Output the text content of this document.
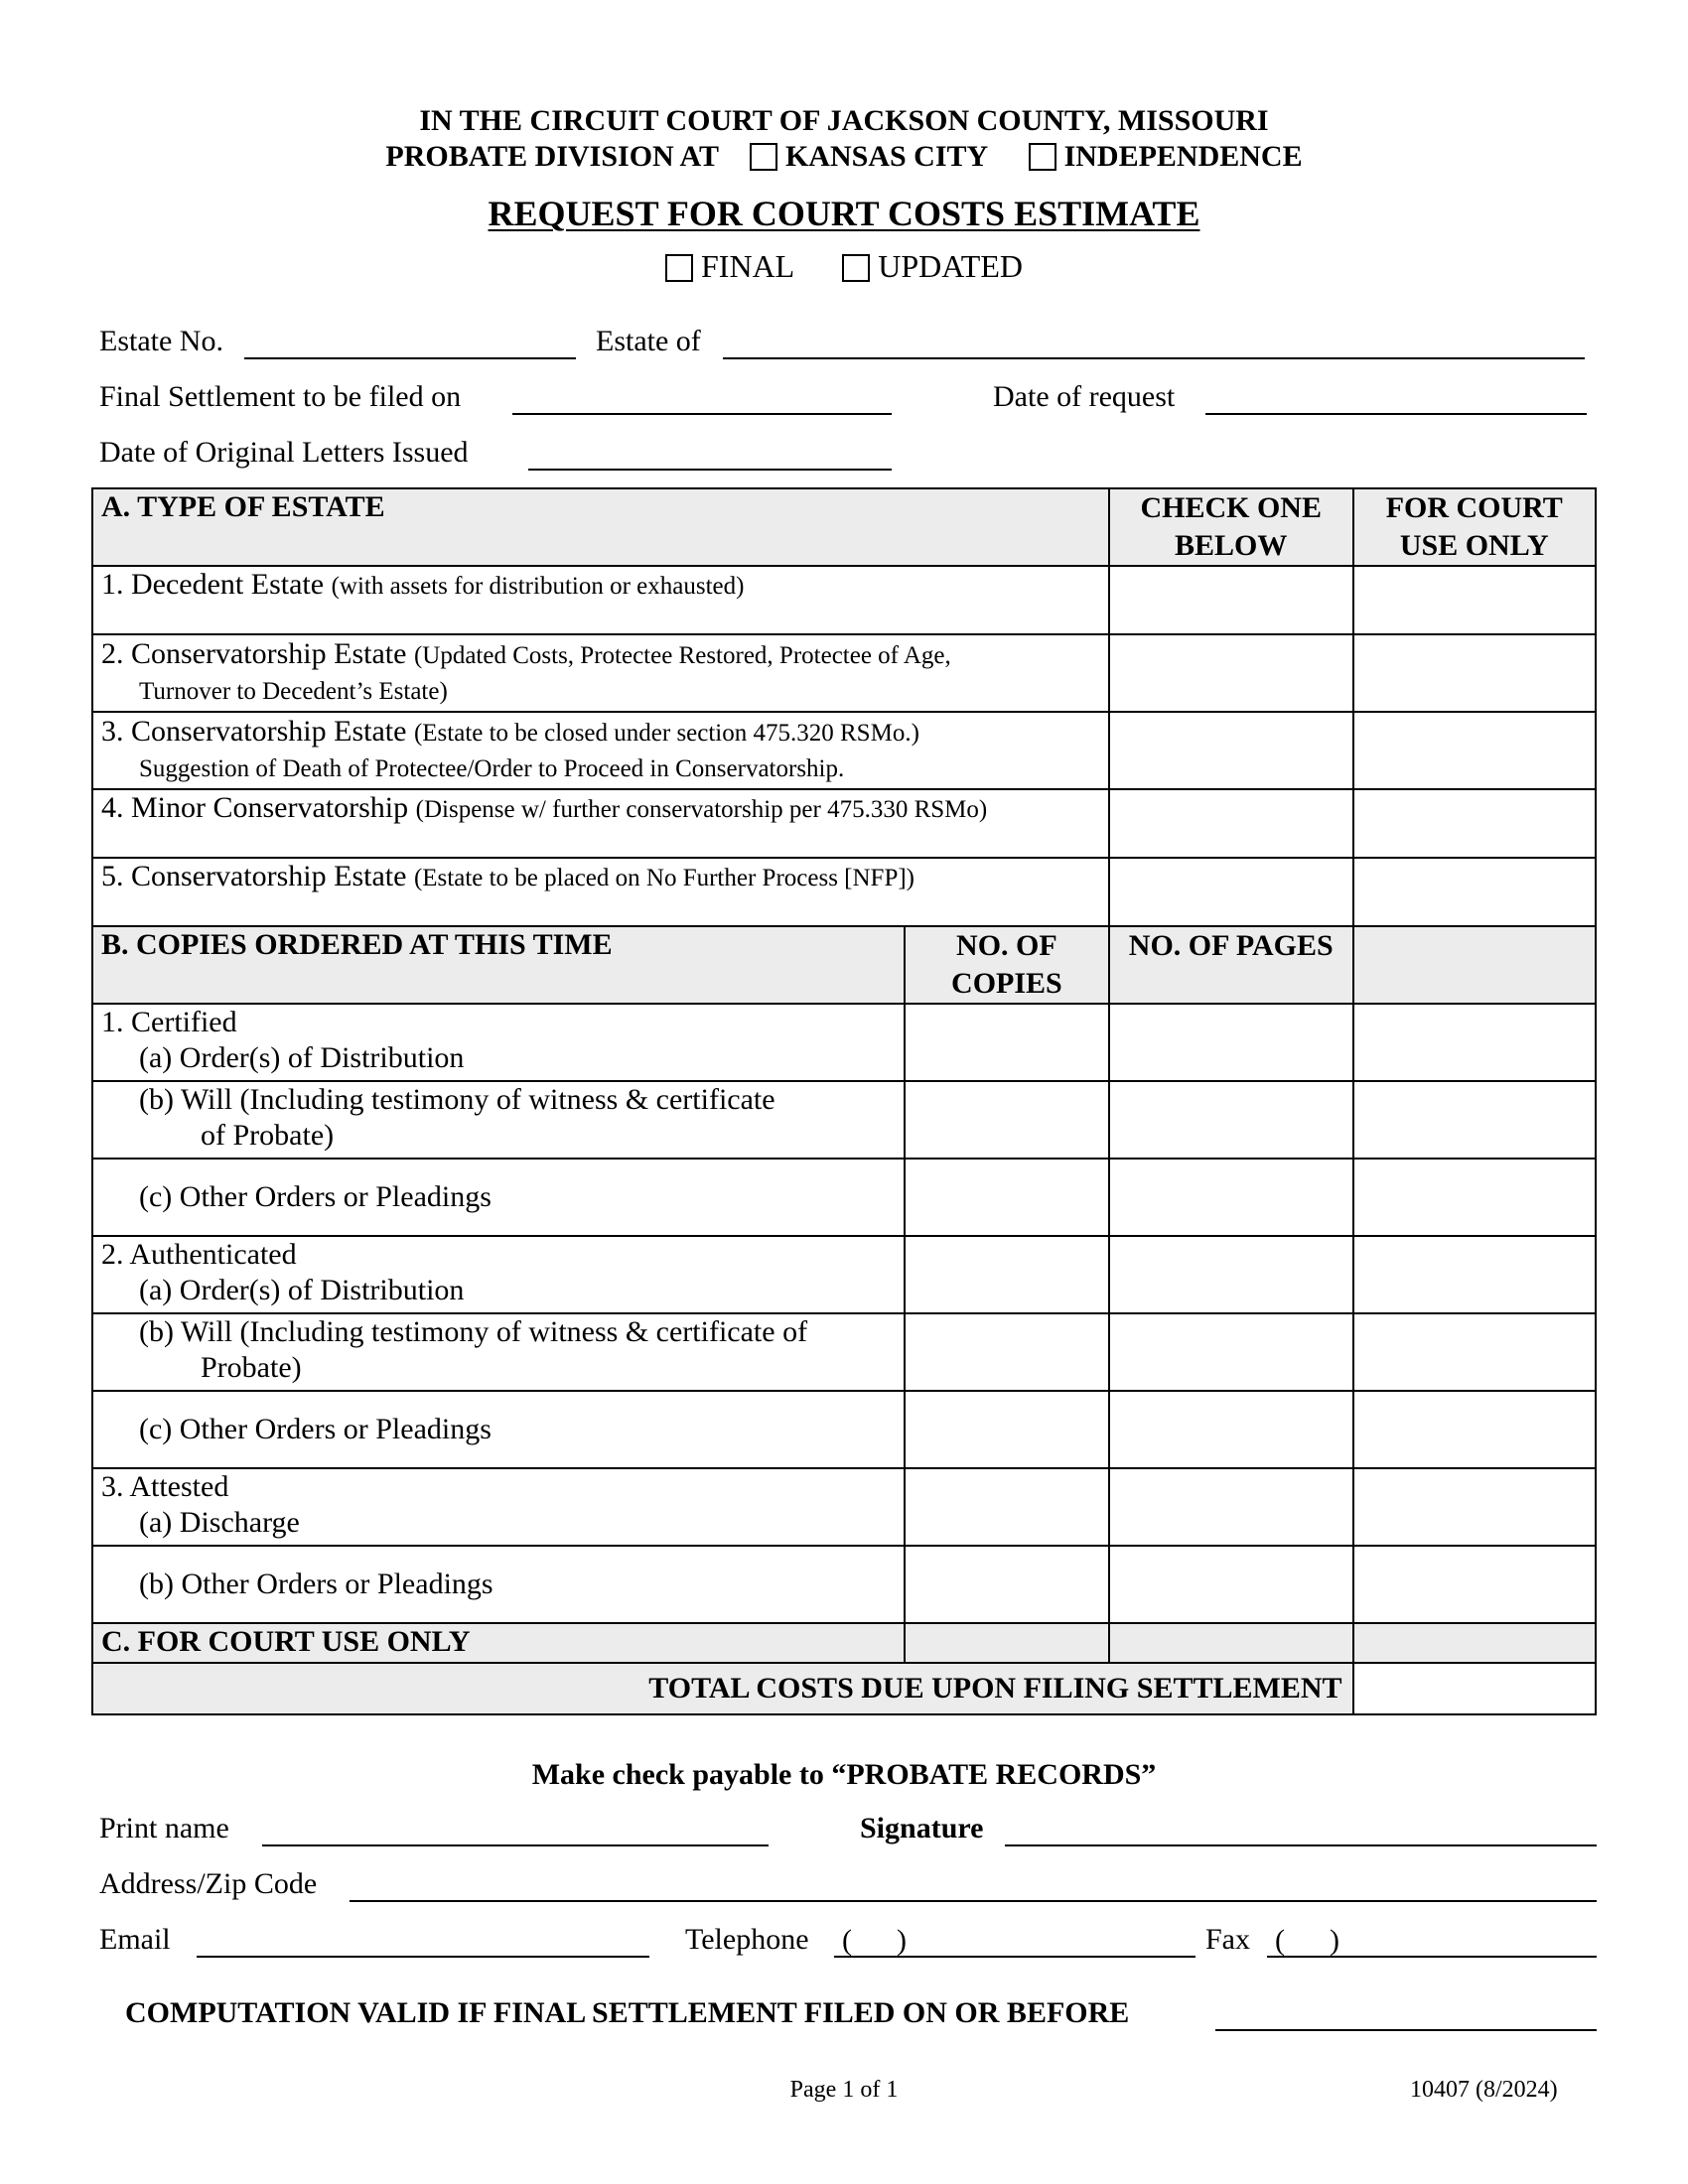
IN THE CIRCUIT COURT OF JACKSON COUNTY, MISSOURI
PROBATE DIVISION AT KANSAS CITY	INDEPENDENCE
REQUEST FOR COURT COSTS ESTIMATE
FINAL	UPDATED
Estate No.	Estate of
Final Settlement to be filed on	Date of request
Date of Original Letters Issued
A. TYPE OF ESTATE		CHECK ONE BELOW	FOR COURT USE ONLY
1. Decedent Estate (with assets for distribution or exhausted)			
2. Conservatorship Estate (Updated Costs, Protectee Restored, Protectee of Age,
Turnover to Decedent’s Estate)			

3. Conservatorship Estate (Estate to be closed under section 475.320 RSMo.)
Suggestion of Death of Protectee/Order to Proceed in Conservatorship.			

4. Minor Conservatorship (Dispense w/ further conservatorship per 475.330 RSMo)			
5. Conservatorship Estate (Estate to be placed on No Further Process [NFP])			
B. COPIES ORDERED AT THIS TIME	NO. OF COPIES	NO. OF PAGES	
1. Certified
(a) Order(s) of Distribution			

(b) Will (Including testimony of witness & certificate
of Probate)			

(c) Other Orders or Pleadings			

2. Authenticated
(a) Order(s) of Distribution			

(b) Will (Including testimony of witness & certificate of
Probate)			

(c) Other Orders or Pleadings			

3. Attested
(a) Discharge			

(b) Other Orders or Pleadings			

C. FOR COURT USE ONLY			
TOTAL COSTS DUE UPON FILING SETTLEMENT			
Make check payable to “PROBATE RECORDS”
Print name	Signature
Address/Zip Code
Email	Telephone (      )	Fax (      )
COMPUTATION VALID IF FINAL SETTLEMENT FILED ON OR BEFORE
Page 1 of 1	10407 (8/2024)
